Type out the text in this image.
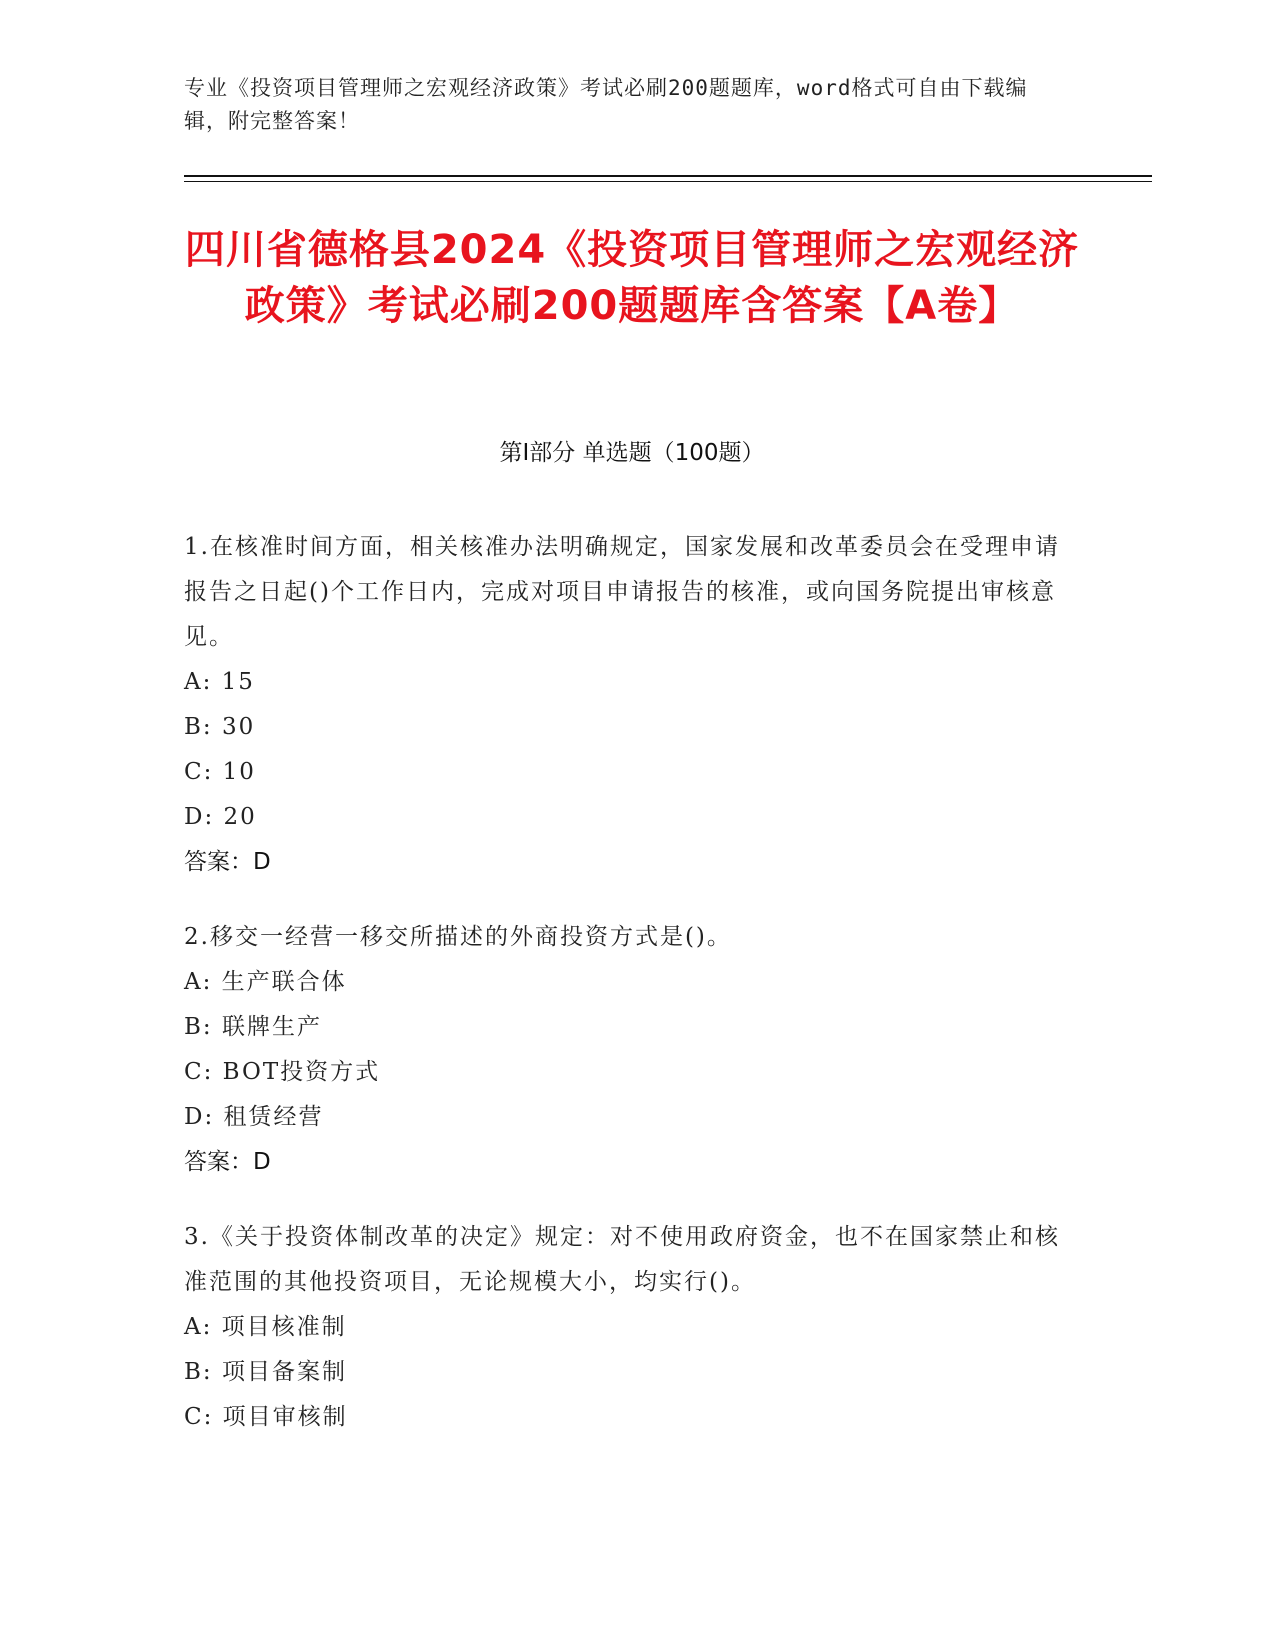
专业《投资项目管理师之宏观经济政策》考试必刷200题题库，word格式可自由下载编辑，附完整答案！
四川省德格县2024《投资项目管理师之宏观经济政策》考试必刷200题题库含答案【A卷】
第I部分 单选题（100题）
1.在核准时间方面，相关核准办法明确规定，国家发展和改革委员会在受理申请报告之日起()个工作日内，完成对项目申请报告的核准，或向国务院提出审核意见。
A: 15
B: 30
C: 10
D: 20
答案：D
2.移交一经营一移交所描述的外商投资方式是()。
A: 生产联合体
B: 联牌生产
C: BOT投资方式
D: 租赁经营
答案：D
3.《关于投资体制改革的决定》规定：对不使用政府资金，也不在国家禁止和核准范围的其他投资项目，无论规模大小，均实行()。
A: 项目核准制
B: 项目备案制
C: 项目审核制
